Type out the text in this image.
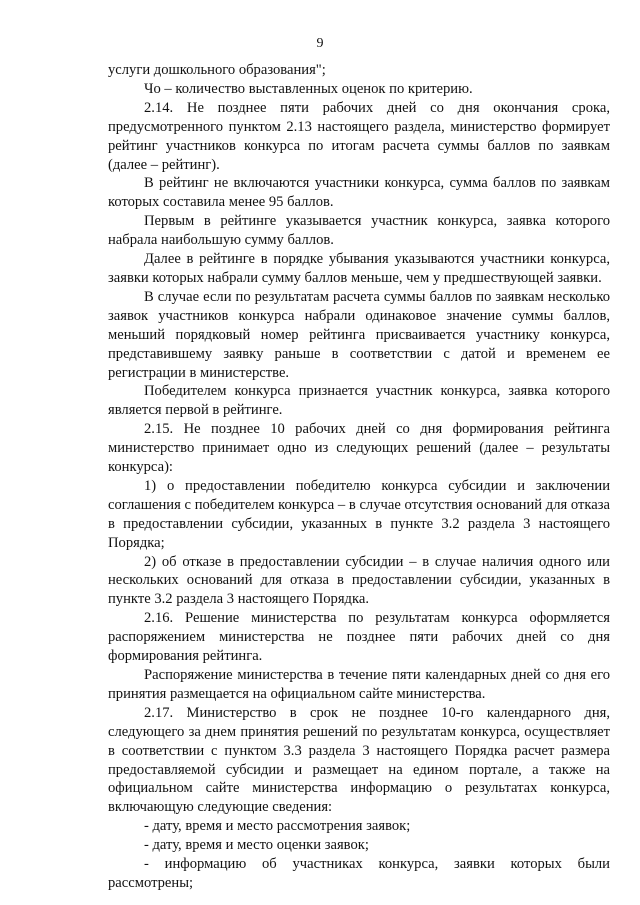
9

услуги дошкольного образования";

Чо – количество выставленных оценок по критерию.

2.14. Не позднее пяти рабочих дней со дня окончания срока, предусмотренного пунктом 2.13 настоящего раздела, министерство формирует рейтинг участников конкурса по итогам расчета суммы баллов по заявкам (далее – рейтинг).

В рейтинг не включаются участники конкурса, сумма баллов по заявкам которых составила менее 95 баллов.

Первым в рейтинге указывается участник конкурса, заявка которого набрала наибольшую сумму баллов.

Далее в рейтинге в порядке убывания указываются участники конкурса, заявки которых набрали сумму баллов меньше, чем у предшествующей заявки.

В случае если по результатам расчета суммы баллов по заявкам несколько заявок участников конкурса набрали одинаковое значение суммы баллов, меньший порядковый номер рейтинга присваивается участнику конкурса, представившему заявку раньше в соответствии с датой и временем ее регистрации в министерстве.

Победителем конкурса признается участник конкурса, заявка которого является первой в рейтинге.

2.15. Не позднее 10 рабочих дней со дня формирования рейтинга министерство принимает одно из следующих решений (далее – результаты конкурса):

1) о предоставлении победителю конкурса субсидии и заключении соглашения с победителем конкурса – в случае отсутствия оснований для отказа в предоставлении субсидии, указанных в пункте 3.2 раздела 3 настоящего Порядка;

2) об отказе в предоставлении субсидии – в случае наличия одного или нескольких оснований для отказа в предоставлении субсидии, указанных в пункте 3.2 раздела 3 настоящего Порядка.

2.16. Решение министерства по результатам конкурса оформляется распоряжением министерства не позднее пяти рабочих дней со дня формирования рейтинга.

Распоряжение министерства в течение пяти календарных дней со дня его принятия размещается на официальном сайте министерства.

2.17. Министерство в срок не позднее 10-го календарного дня, следующего за днем принятия решений по результатам конкурса, осуществляет в соответствии с пунктом 3.3 раздела 3 настоящего Порядка расчет размера предоставляемой субсидии и размещает на едином портале, а также на официальном сайте министерства информацию о результатах конкурса, включающую следующие сведения:

- дату, время и место рассмотрения заявок;

- дату, время и место оценки заявок;

- информацию об участниках конкурса, заявки которых были рассмотрены;
